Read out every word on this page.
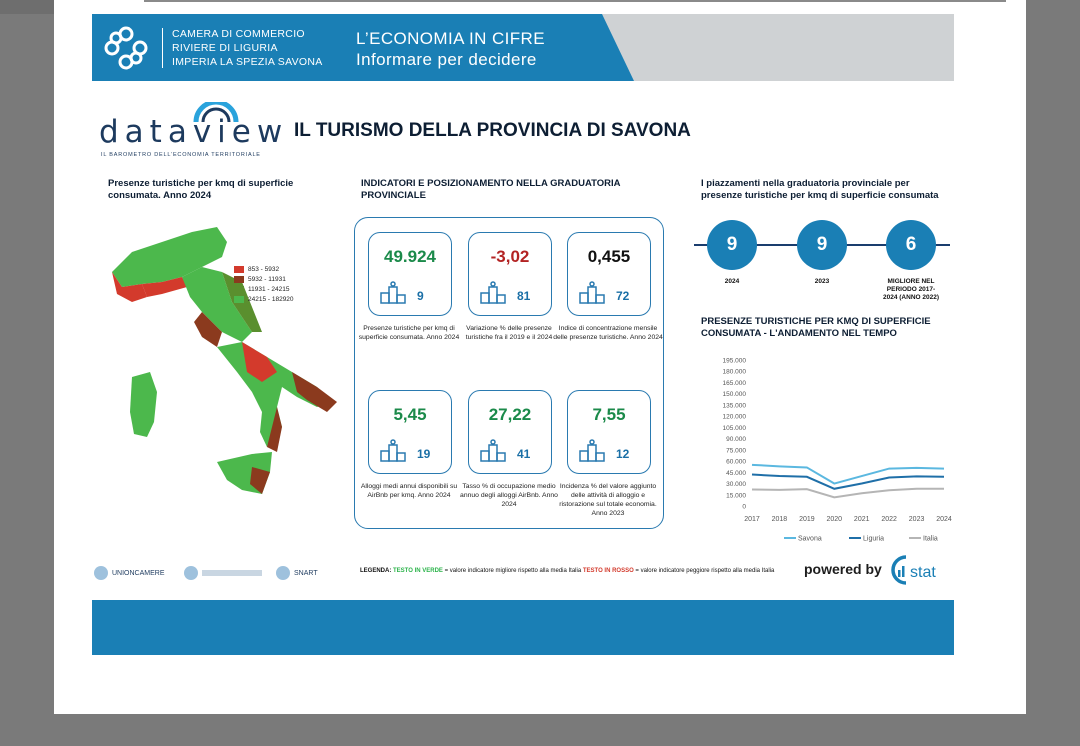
CAMERA DI COMMERCIO
RIVIERE DI LIGURIA
IMPERIA LA SPEZIA SAVONA
L’ECONOMIA IN CIFRE
Informare per decidere
dataview
IL BAROMETRO DELL’ECONOMIA TERRITORIALE
IL TURISMO DELLA PROVINCIA DI SAVONA
Presenze turistiche per kmq di superficie consumata. Anno 2024
INDICATORI E POSIZIONAMENTO NELLA GRADUATORIA PROVINCIALE
I piazzamenti nella graduatoria provinciale per presenze turistiche per kmq di superficie consumata
853 - 5932
5932 - 11931
11931 - 24215
24215 - 182920
49.924
9
-3,02
81
0,455
72
5,45
19
27,22
41
7,55
12
Presenze turistiche per kmq di superficie consumata. Anno 2024
Variazione % delle presenze turistiche fra il 2019 e il 2024
Indice di concentrazione mensile delle presenze turistiche. Anno 2024
Alloggi medi annui disponibili su AirBnb per kmq. Anno 2024
Tasso % di occupazione medio annuo degli alloggi AirBnb. Anno 2024
Incidenza % del valore aggiunto delle attività di alloggio e ristorazione sul totale economia. Anno 2023
9	9	6
2024	2023	MIGLIORE NEL PERIODO 2017-2024 (ANNO 2022)
PRESENZE TURISTICHE PER KMQ DI SUPERFICIE CONSUMATA - L'ANDAMENTO NEL TEMPO
195.000
180.000
165.000
150.000
135.000
120.000
105.000
90.000
75.000
60.000
45.000
30.000
15.000
0
2017 2018 2019 2020 2021 2022 2023 2024
Savona	Liguria	Italia
UNIONCAMERE	SNART	LEGENDA: TESTO IN VERDE = valore indicatore migliore rispetto alla media Italia TESTO IN ROSSO = valore indicatore peggiore rispetto alla media Italia powered by stat
